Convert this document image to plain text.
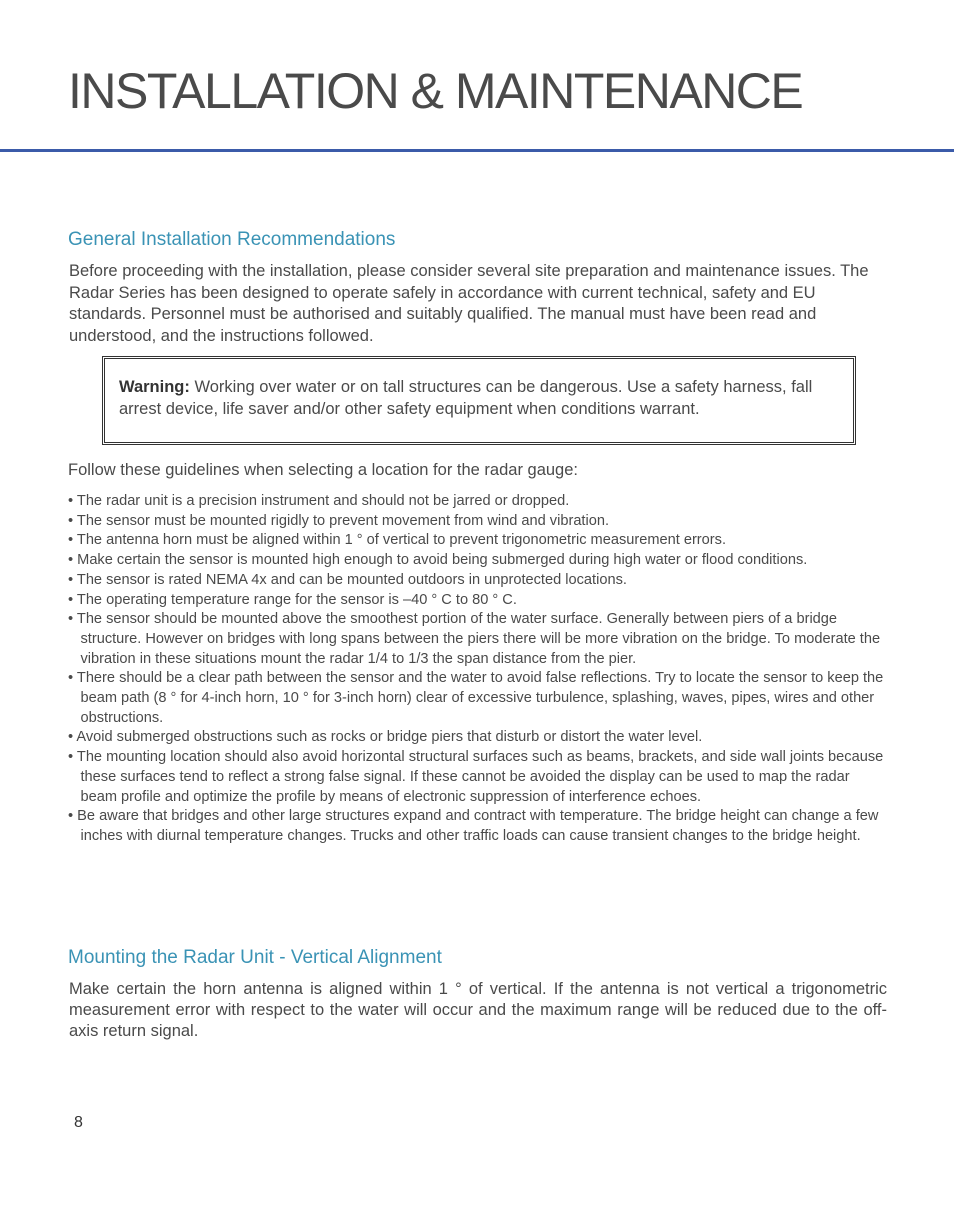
INSTALLATION & MAINTENANCE
General Installation Recommendations

Before proceeding with the installation, please consider several site preparation and maintenance issues. The Radar Series has been designed to operate safely in accordance with current technical, safety and EU standards. Personnel must be authorised and suitably qualified. The manual must have been read and understood, and the instructions followed.

Warning: Working over water or on tall structures can be dangerous. Use a safety harness, fall arrest device, life saver and/or other safety equipment when conditions warrant.

Follow these guidelines when selecting a location for the radar gauge:

• The radar unit is a precision instrument and should not be jarred or dropped.
• The sensor must be mounted rigidly to prevent movement from wind and vibration.
• The antenna horn must be aligned within 1 ° of vertical to prevent trigonometric measurement errors.
• Make certain the sensor is mounted high enough to avoid being submerged during high water or flood conditions.
• The sensor is rated NEMA 4x and can be mounted outdoors in unprotected locations.
• The operating temperature range for the sensor is –40 ° C to 80 ° C.
• The sensor should be mounted above the smoothest portion of the water surface. Generally between piers of a bridge structure. However on bridges with long spans between the piers there will be more vibration on the bridge. To moderate the vibration in these situations mount the radar 1/4 to 1/3 the span distance from the pier.
• There should be a clear path between the sensor and the water to avoid false reflections. Try to locate the sensor to keep the beam path (8 ° for 4-inch horn, 10 ° for 3-inch horn) clear of excessive turbulence, splashing, waves, pipes, wires and other obstructions.
• Avoid submerged obstructions such as rocks or bridge piers that disturb or distort the water level.
• The mounting location should also avoid horizontal structural surfaces such as beams, brackets, and side wall joints because these surfaces tend to reflect a strong false signal. If these cannot be avoided the display can be used to map the radar beam profile and optimize the profile by means of electronic suppression of interference echoes.
• Be aware that bridges and other large structures expand and contract with temperature. The bridge height can change a few inches with diurnal temperature changes. Trucks and other traffic loads can cause transient changes to the bridge height.
Mounting the Radar Unit - Vertical Alignment

Make certain the horn antenna is aligned within 1 ° of vertical. If the antenna is not vertical a trigonometric measurement error with respect to the water will occur and the maximum range will be reduced due to the off-axis return signal.

8
